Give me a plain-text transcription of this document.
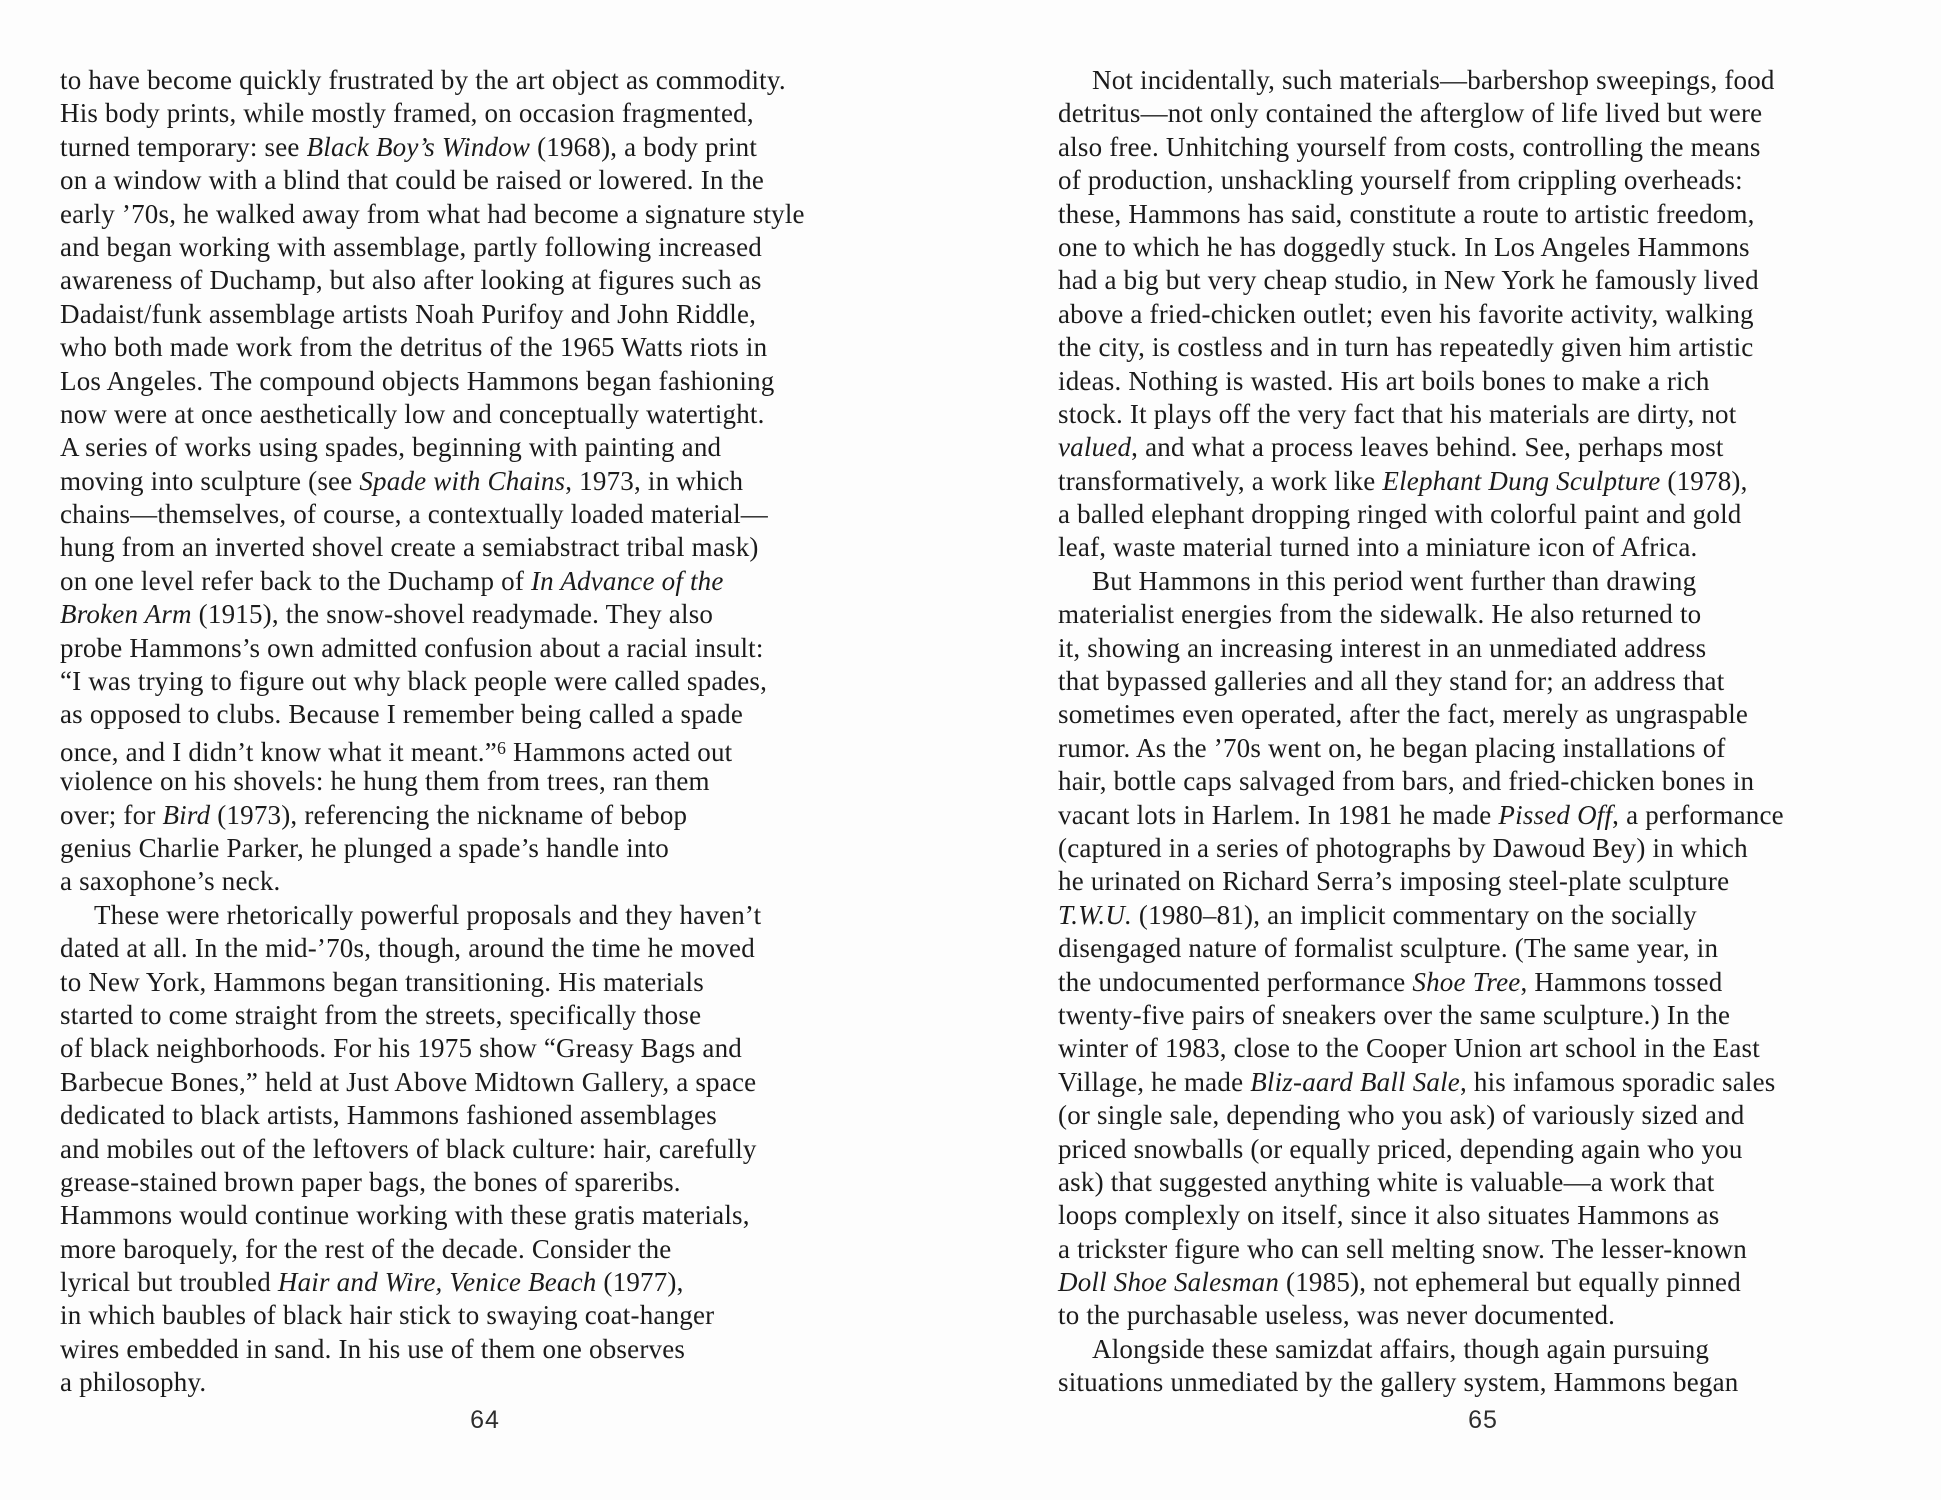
to have become quickly frustrated by the art object as commodity.
His body prints, while mostly framed, on occasion fragmented,
turned temporary: see Black Boy’s Window (1968), a body print
on a window with a blind that could be raised or lowered. In the
early ’70s, he walked away from what had become a signature style
and began working with assemblage, partly following increased
awareness of Duchamp, but also after looking at figures such as
Dadaist/funk assemblage artists Noah Purifoy and John Riddle,
who both made work from the detritus of the 1965 Watts riots in
Los Angeles. The compound objects Hammons began fashioning
now were at once aesthetically low and conceptually watertight.
A series of works using spades, beginning with painting and
moving into sculpture (see Spade with Chains, 1973, in which
chains—themselves, of course, a contextually loaded material—
hung from an inverted shovel create a semiabstract tribal mask)
on one level refer back to the Duchamp of In Advance of the
Broken Arm (1915), the snow-shovel readymade. They also
probe Hammons’s own admitted confusion about a racial insult:
“I was trying to figure out why black people were called spades,
as opposed to clubs. Because I remember being called a spade
once, and I didn’t know what it meant.”$^6$ Hammons acted out
violence on his shovels: he hung them from trees, ran them
over; for Bird (1973), referencing the nickname of bebop
genius Charlie Parker, he plunged a spade’s handle into
a saxophone’s neck.
These were rhetorically powerful proposals and they haven’t
dated at all. In the mid-’70s, though, around the time he moved
to New York, Hammons began transitioning. His materials
started to come straight from the streets, specifically those
of black neighborhoods. For his 1975 show “Greasy Bags and
Barbecue Bones,” held at Just Above Midtown Gallery, a space
dedicated to black artists, Hammons fashioned assemblages
and mobiles out of the leftovers of black culture: hair, carefully
grease-stained brown paper bags, the bones of spareribs.
Hammons would continue working with these gratis materials,
more baroquely, for the rest of the decade. Consider the
lyrical but troubled Hair and Wire, Venice Beach (1977),
in which baubles of black hair stick to swaying coat-hanger
wires embedded in sand. In his use of them one observes
a philosophy.
64
Not incidentally, such materials—barbershop sweepings, food
detritus—not only contained the afterglow of life lived but were
also free. Unhitching yourself from costs, controlling the means
of production, unshackling yourself from crippling overheads:
these, Hammons has said, constitute a route to artistic freedom,
one to which he has doggedly stuck. In Los Angeles Hammons
had a big but very cheap studio, in New York he famously lived
above a fried-chicken outlet; even his favorite activity, walking
the city, is costless and in turn has repeatedly given him artistic
ideas. Nothing is wasted. His art boils bones to make a rich
stock. It plays off the very fact that his materials are dirty, not
valued, and what a process leaves behind. See, perhaps most
transformatively, a work like Elephant Dung Sculpture (1978),
a balled elephant dropping ringed with colorful paint and gold
leaf, waste material turned into a miniature icon of Africa.
But Hammons in this period went further than drawing
materialist energies from the sidewalk. He also returned to
it, showing an increasing interest in an unmediated address
that bypassed galleries and all they stand for; an address that
sometimes even operated, after the fact, merely as ungraspable
rumor. As the ’70s went on, he began placing installations of
hair, bottle caps salvaged from bars, and fried-chicken bones in
vacant lots in Harlem. In 1981 he made Pissed Off, a performance
(captured in a series of photographs by Dawoud Bey) in which
he urinated on Richard Serra’s imposing steel-plate sculpture
T.W.U. (1980–81), an implicit commentary on the socially
disengaged nature of formalist sculpture. (The same year, in
the undocumented performance Shoe Tree, Hammons tossed
twenty-five pairs of sneakers over the same sculpture.) In the
winter of 1983, close to the Cooper Union art school in the East
Village, he made Bliz-aard Ball Sale, his infamous sporadic sales
(or single sale, depending who you ask) of variously sized and
priced snowballs (or equally priced, depending again who you
ask) that suggested anything white is valuable—a work that
loops complexly on itself, since it also situates Hammons as
a trickster figure who can sell melting snow. The lesser-known
Doll Shoe Salesman (1985), not ephemeral but equally pinned
to the purchasable useless, was never documented.
Alongside these samizdat affairs, though again pursuing
situations unmediated by the gallery system, Hammons began
65
